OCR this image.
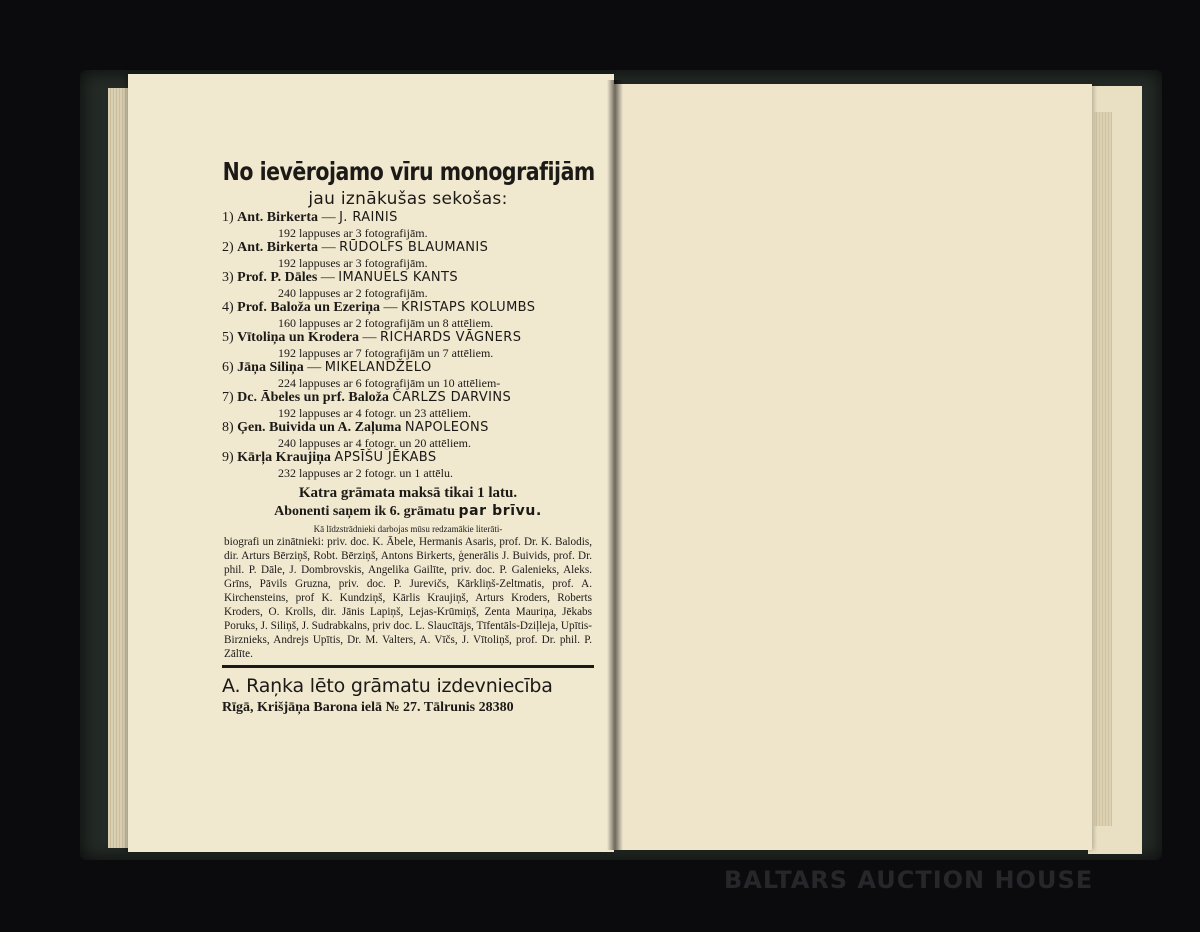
No ievērojamo vīru monografijām
jau iznākušas sekošas:
1) Ant. Birkerta — J. RAINIS
192 lappuses ar 3 fotografijām.
2) Ant. Birkerta — RŪDOLFS BLAUMANIS
192 lappuses ar 3 fotografijām.
3) Prof. P. Dāles — IMANUELS KANTS
240 lappuses ar 2 fotografijām.
4) Prof. Baloža un Ezeriņa — KRISTAPS KOLUMBS
160 lappuses ar 2 fotografijām un 8 attēliem.
5) Vītoliņa un Krodera — RICHARDS VĀGNERS
192 lappuses ar 7 fotografijām un 7 attēliem.
6) Jāņa Siliņa — MIKELANDŽELO
224 lappuses ar 6 fotografijām un 10 attēliem-
7) Dc. Ābeles un prf. Baloža ČARLZS DARVINS
192 lappuses ar 4 fotogr. un 23 attēliem.
8) Ģen. Buivida un A. Zaļuma NAPOLEONS
240 lappuses ar 4 fotogr. un 20 attēliem.
9) Kārļa Kraujiņa APSĪŠU JĒKABS
232 lappuses ar 2 fotogr. un 1 attēlu.
Katra grāmata maksā tikai 1 latu.
Abonenti saņem ik 6. grāmatu par brīvu.
Kā līdzstrādnieki darbojas mūsu redzamākie literāti-
biografi un zinātnieki: priv. doc. K. Ābele, Hermanis Asaris, prof. Dr. K. Balodis, dir. Arturs Bērziņš, Robt. Bērziņš, Antons Birkerts, ģenerālis J. Buivids, prof. Dr. phil. P. Dāle, J. Dombrovskis, Angelika Gailīte, priv. doc. P. Galenieks, Aleks. Grīns, Pāvils Gruzna, priv. doc. P. Jurevičs, Kārkliņš-Zeltmatis, prof. A. Kirchensteins, prof K. Kundziņš, Kārlis Kraujiņš, Arturs Kroders, Roberts Kroders, O. Krolls, dir. Jānis Lapiņš, Lejas-Krūmiņš, Zenta Mauriņa, Jēkabs Poruks, J. Siliņš, J. Sudrabkalns, priv doc. L. Slaucītājs, Tīfentāls-Dziļleja, Upītis-Birznieks, Andrejs Upītis, Dr. M. Valters, A. Vīčs, J. Vītoliņš, prof. Dr. phil. P. Zālīte.
A. Raņka lēto grāmatu izdevniecība
Rīgā, Krišjāņa Barona ielā № 27. Tālrunis 28380
BALTARS AUCTION HOUSE
